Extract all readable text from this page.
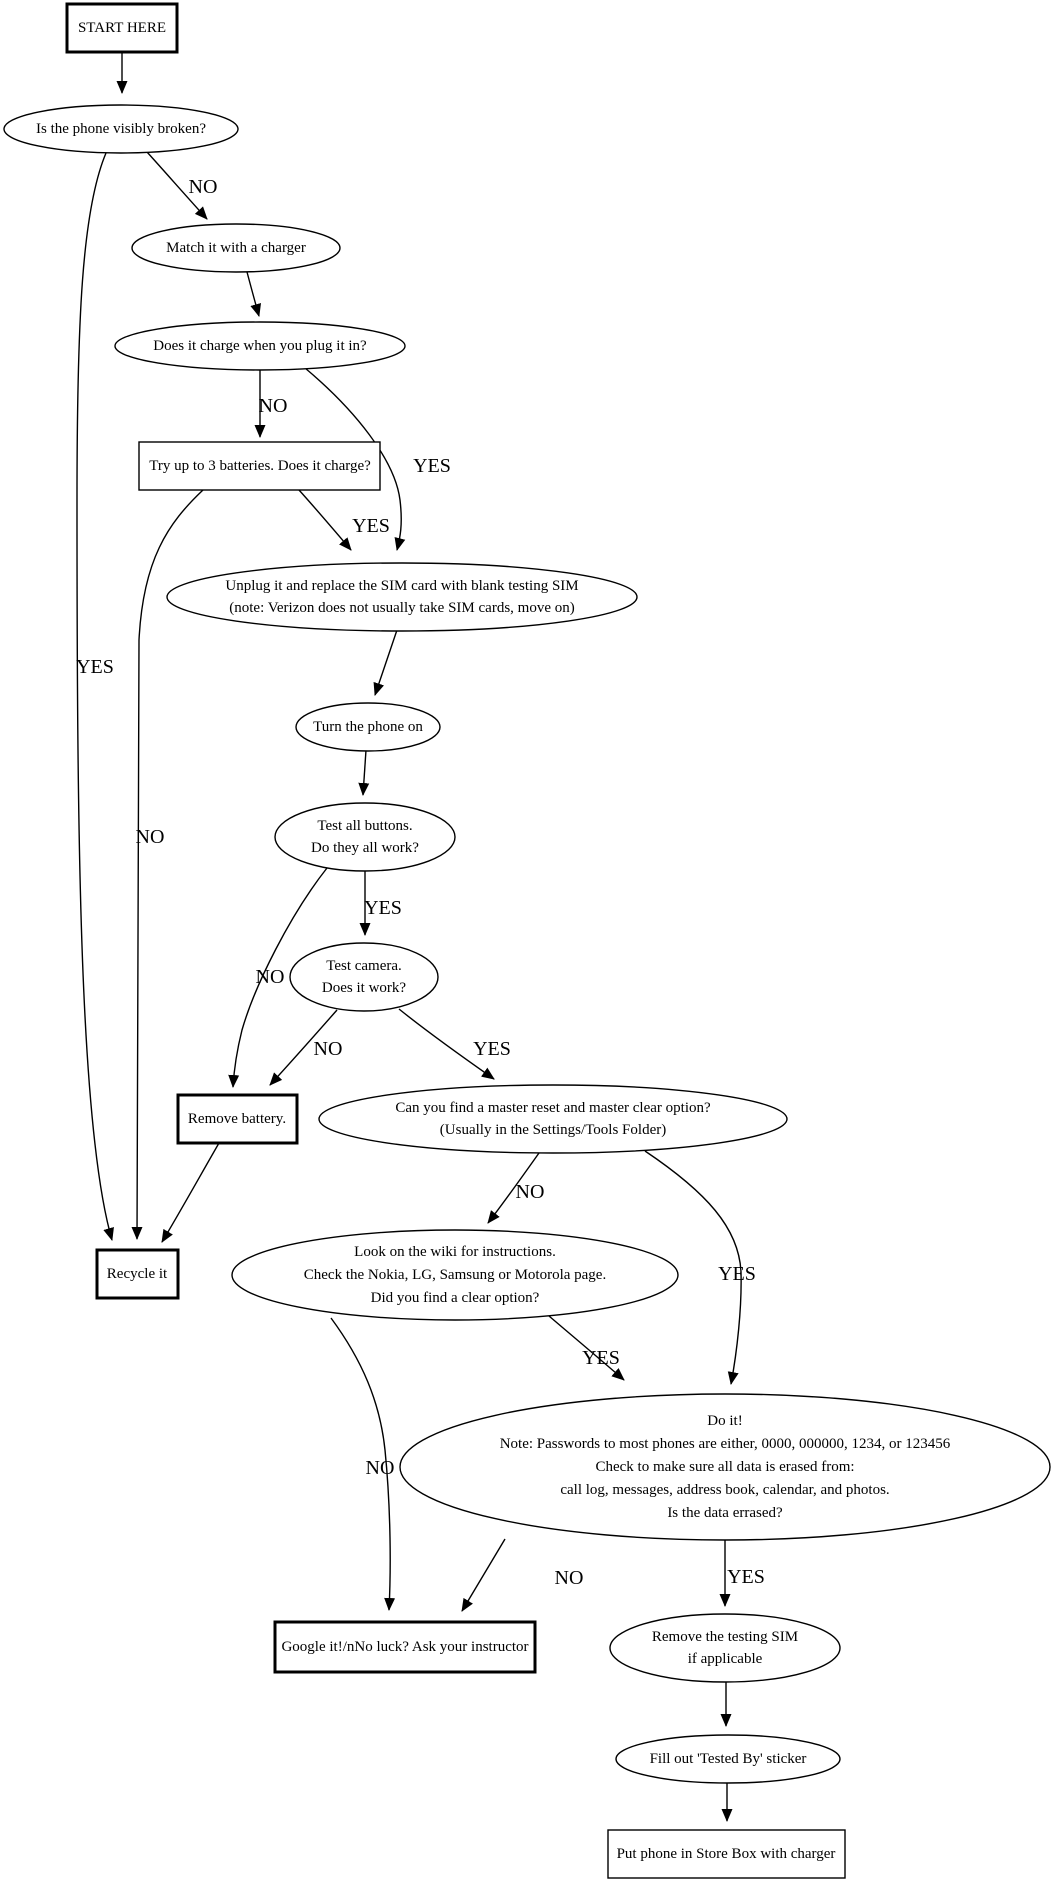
NO
YES
NO
YES
YES
NO
YES
NO
NO	YES
NO
YES
YES
NO
NO	YES
START HERE
Is the phone visibly broken?
Match it with a charger
Does it charge when you plug it in?
Try up to 3 batteries. Does it charge?
Unplug it and replace the SIM card with blank testing SIM
(note: Verizon does not usually take SIM cards, move on)
Turn the phone on
Test all buttons.
Do they all work?
Test camera.
Does it work?
Remove battery.
Recycle it
Can you find a master reset and master clear option?
(Usually in the Settings/Tools Folder)
Look on the wiki for instructions.
Check the Nokia, LG, Samsung or Motorola page.
Did you find a clear option?
Do it!
Note: Passwords to most phones are either, 0000, 000000, 1234, or 123456
Check to make sure all data is erased from:
call log, messages, address book, calendar, and photos.
Is the data errased?
Google it!/nNo luck? Ask your instructor
Remove the testing SIM
if applicable
Fill out 'Tested By' sticker
Put phone in Store Box with charger
